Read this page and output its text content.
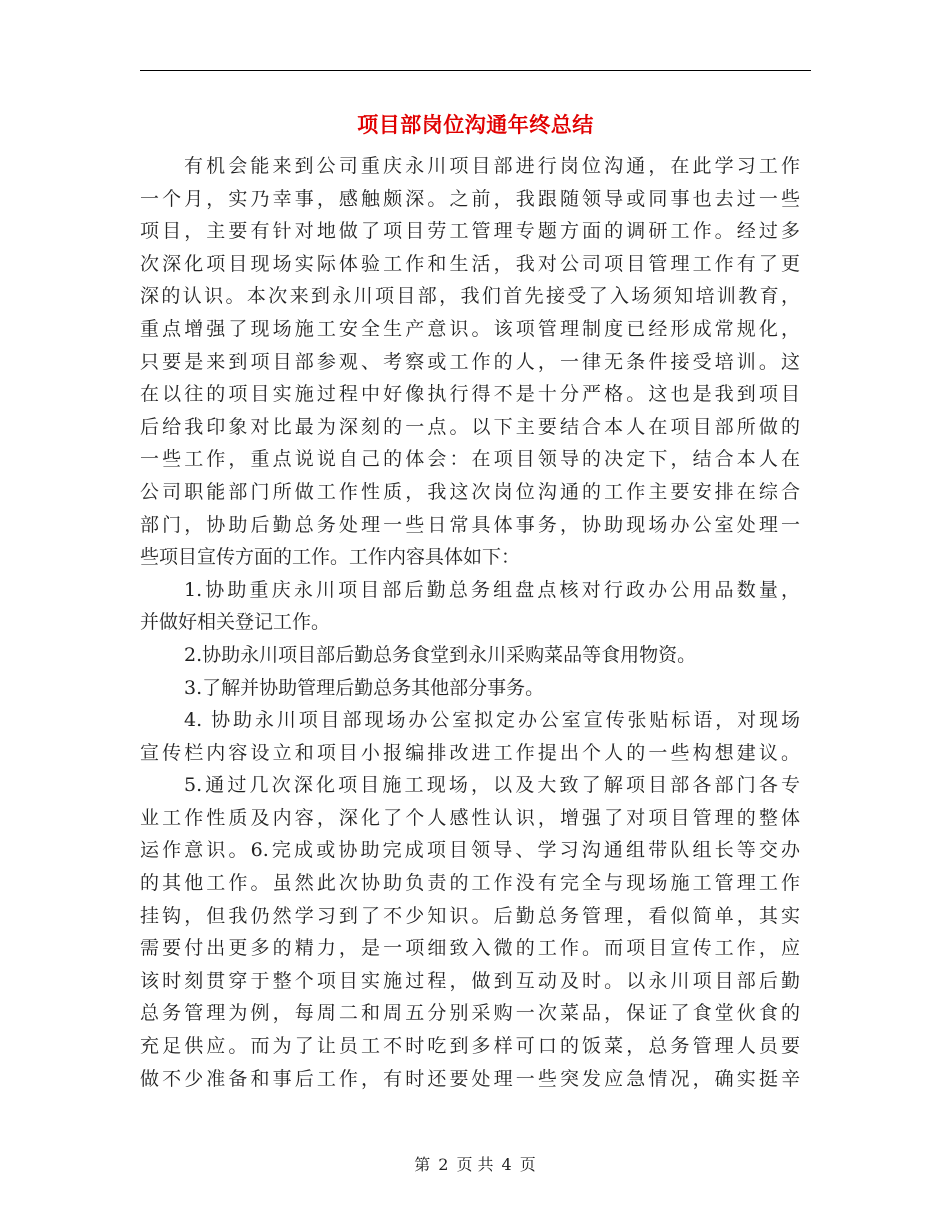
项目部岗位沟通年终总结
有机会能来到公司重庆永川项目部进行岗位沟通，在此学习工作
一个月，实乃幸事，感触颇深。之前，我跟随领导或同事也去过一些
项目，主要有针对地做了项目劳工管理专题方面的调研工作。经过多
次深化项目现场实际体验工作和生活，我对公司项目管理工作有了更
深的认识。本次来到永川项目部，我们首先接受了入场须知培训教育，
重点增强了现场施工安全生产意识。该项管理制度已经形成常规化，
只要是来到项目部参观、考察或工作的人，一律无条件接受培训。这
在以往的项目实施过程中好像执行得不是十分严格。这也是我到项目
后给我印象对比最为深刻的一点。以下主要结合本人在项目部所做的
一些工作，重点说说自己的体会：在项目领导的决定下，结合本人在
公司职能部门所做工作性质，我这次岗位沟通的工作主要安排在综合
部门，协助后勤总务处理一些日常具体事务，协助现场办公室处理一
些项目宣传方面的工作。工作内容具体如下：
1.协助重庆永川项目部后勤总务组盘点核对行政办公用品数量，
并做好相关登记工作。
2.协助永川项目部后勤总务食堂到永川采购菜品等食用物资。
3.了解并协助管理后勤总务其他部分事务。
4. 协助永川项目部现场办公室拟定办公室宣传张贴标语，对现场
宣传栏内容设立和项目小报编排改进工作提出个人的一些构想建议。
5.通过几次深化项目施工现场，以及大致了解项目部各部门各专
业工作性质及内容，深化了个人感性认识，增强了对项目管理的整体
运作意识。6.完成或协助完成项目领导、学习沟通组带队组长等交办
的其他工作。虽然此次协助负责的工作没有完全与现场施工管理工作
挂钩，但我仍然学习到了不少知识。后勤总务管理，看似简单，其实
需要付出更多的精力，是一项细致入微的工作。而项目宣传工作，应
该时刻贯穿于整个项目实施过程，做到互动及时。以永川项目部后勤
总务管理为例，每周二和周五分别采购一次菜品，保证了食堂伙食的
充足供应。而为了让员工不时吃到多样可口的饭菜，总务管理人员要
做不少准备和事后工作，有时还要处理一些突发应急情况，确实挺辛
第 2 页 共 4 页
